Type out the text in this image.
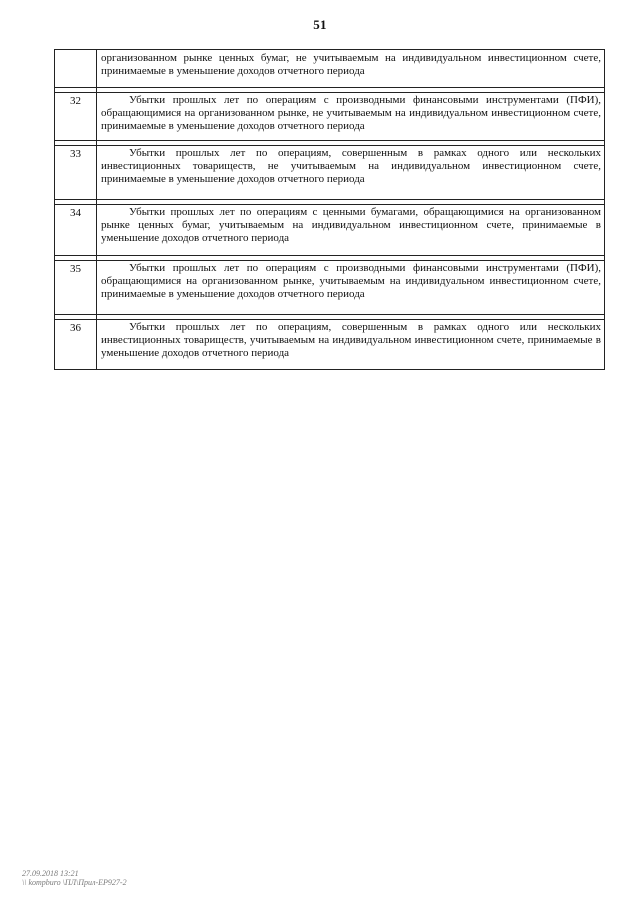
51

	организованном рынке ценных бумаг, не учитываемым на индивидуальном инвестиционном счете, принимаемые в уменьшение доходов отчетного периода

32	Убытки прошлых лет по операциям с производными финансовыми инструментами (ПФИ), обращающимися на организованном рынке, не учитываемым на индивидуальном инвестиционном счете, принимаемые в уменьшение доходов отчетного периода

33	Убытки прошлых лет по операциям, совершенным в рамках одного или нескольких инвестиционных товариществ, не учитываемым на индивидуальном инвестиционном счете, принимаемые в уменьшение доходов отчетного периода

34	Убытки прошлых лет по операциям с ценными бумагами, обращающимися на организованном рынке ценных бумаг, учитываемым на индивидуальном инвестиционном счете, принимаемые в уменьшение доходов отчетного периода

35	Убытки прошлых лет по операциям с производными финансовыми инструментами (ПФИ), обращающимися на организованном рынке, учитываемым на индивидуальном инвестиционном счете, принимаемые в уменьшение доходов отчетного периода

36	Убытки прошлых лет по операциям, совершенным в рамках одного или нескольких инвестиционных товариществ, учитываемым на индивидуальном инвестиционном счете, принимаемые в уменьшение доходов отчетного периода

27.09.2018 13:21
\\ kompburo \ПЛ\Прил-ЕР927-2
